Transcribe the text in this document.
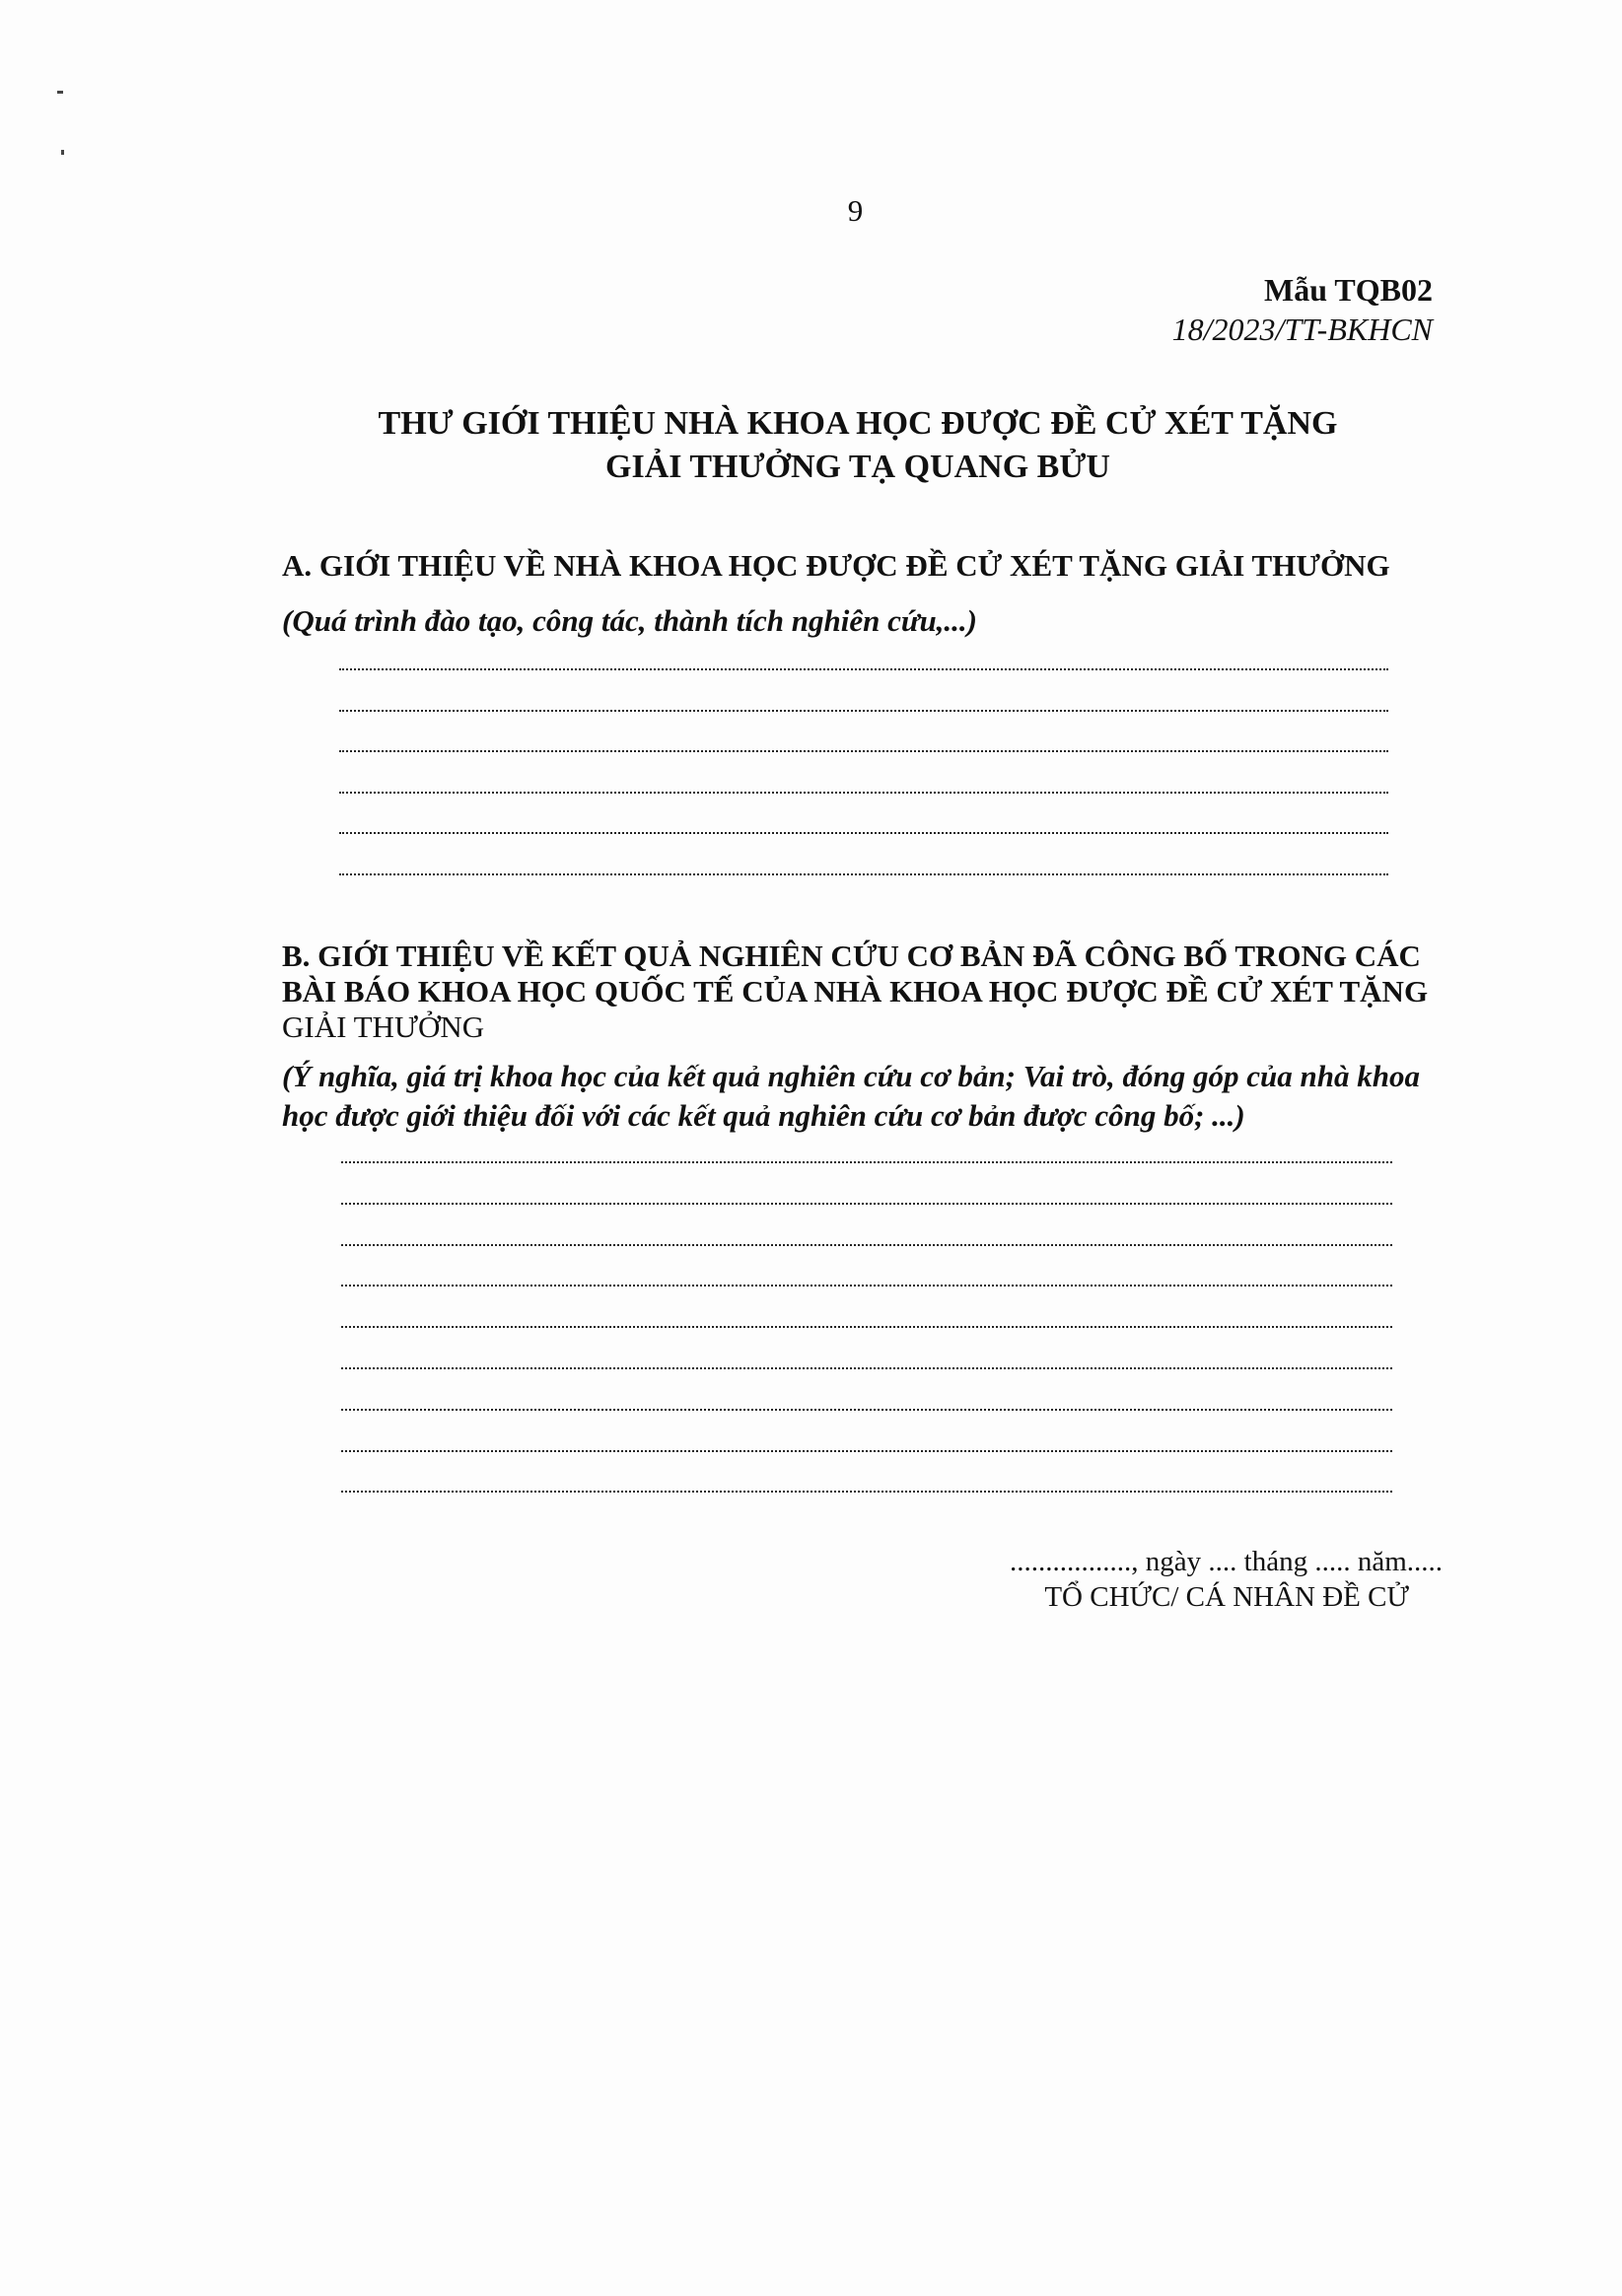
9
Mẫu TQB02
18/2023/TT-BKHCN
THƯ GIỚI THIỆU NHÀ KHOA HỌC ĐƯỢC ĐỀ CỬ XÉT TẶNG
GIẢI THƯỞNG TẠ QUANG BỬU
A. GIỚI THIỆU VỀ NHÀ KHOA HỌC ĐƯỢC ĐỀ CỬ XÉT TẶNG GIẢI THƯỞNG
(Quá trình đào tạo, công tác, thành tích nghiên cứu,...)
B. GIỚI THIỆU VỀ KẾT QUẢ NGHIÊN CỨU CƠ BẢN ĐÃ CÔNG BỐ TRONG CÁC
BÀI BÁO KHOA HỌC QUỐC TẾ CỦA NHÀ KHOA HỌC ĐƯỢC ĐỀ CỬ XÉT TẶNG
GIẢI THƯỞNG
(Ý nghĩa, giá trị khoa học của kết quả nghiên cứu cơ bản; Vai trò, đóng góp của nhà khoa
học được giới thiệu đối với các kết quả nghiên cứu cơ bản được công bố; ...)
................., ngày .... tháng ..... năm.....
TỔ CHỨC/ CÁ NHÂN ĐỀ CỬ
